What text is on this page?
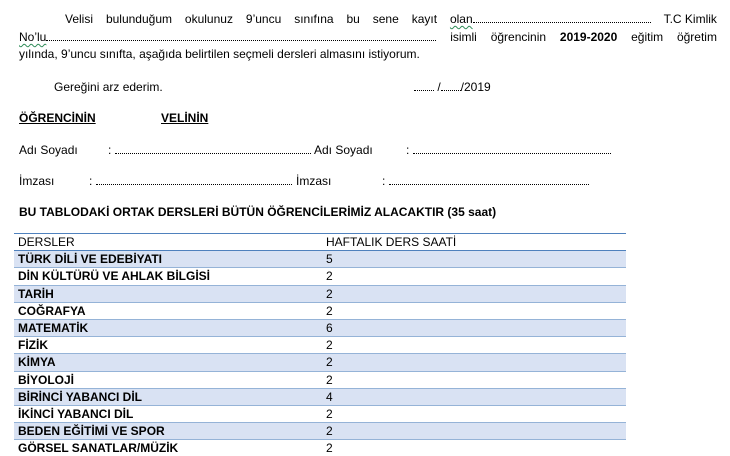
Velisi bulunduğum okulunuz 9’uncu sınıfına bu sene kayıt olan	T.C Kimlik
No’lu	isimli öğrencinin 2019-2020 eğitim öğretim
yılında, 9’uncu sınıfta, aşağıda belirtilen seçmeli dersleri almasını istiyorum.
Gereğini arz ederim.	/ /2019
ÖĞRENCİNİN	VELİNİN
Adı Soyadı	:	Adı Soyadı	:
İmzası	:	İmzası	:
BU TABLODAKİ ORTAK DERSLERİ BÜTÜN ÖĞRENCİLERİMİZ ALACAKTIR (35 saat)
DERSLER	HAFTALIK DERS SAATİ
TÜRK DİLİ VE EDEBİYATI	5
DİN KÜLTÜRÜ VE AHLAK BİLGİSİ	2
TARİH	2
COĞRAFYA	2
MATEMATİK	6
FİZİK	2
KİMYA	2
BİYOLOJİ	2
BİRİNCİ YABANCI DİL	4
İKİNCİ YABANCI DİL	2
BEDEN EĞİTİMİ VE SPOR	2
GÖRSEL SANATLAR/MÜZİK	2
